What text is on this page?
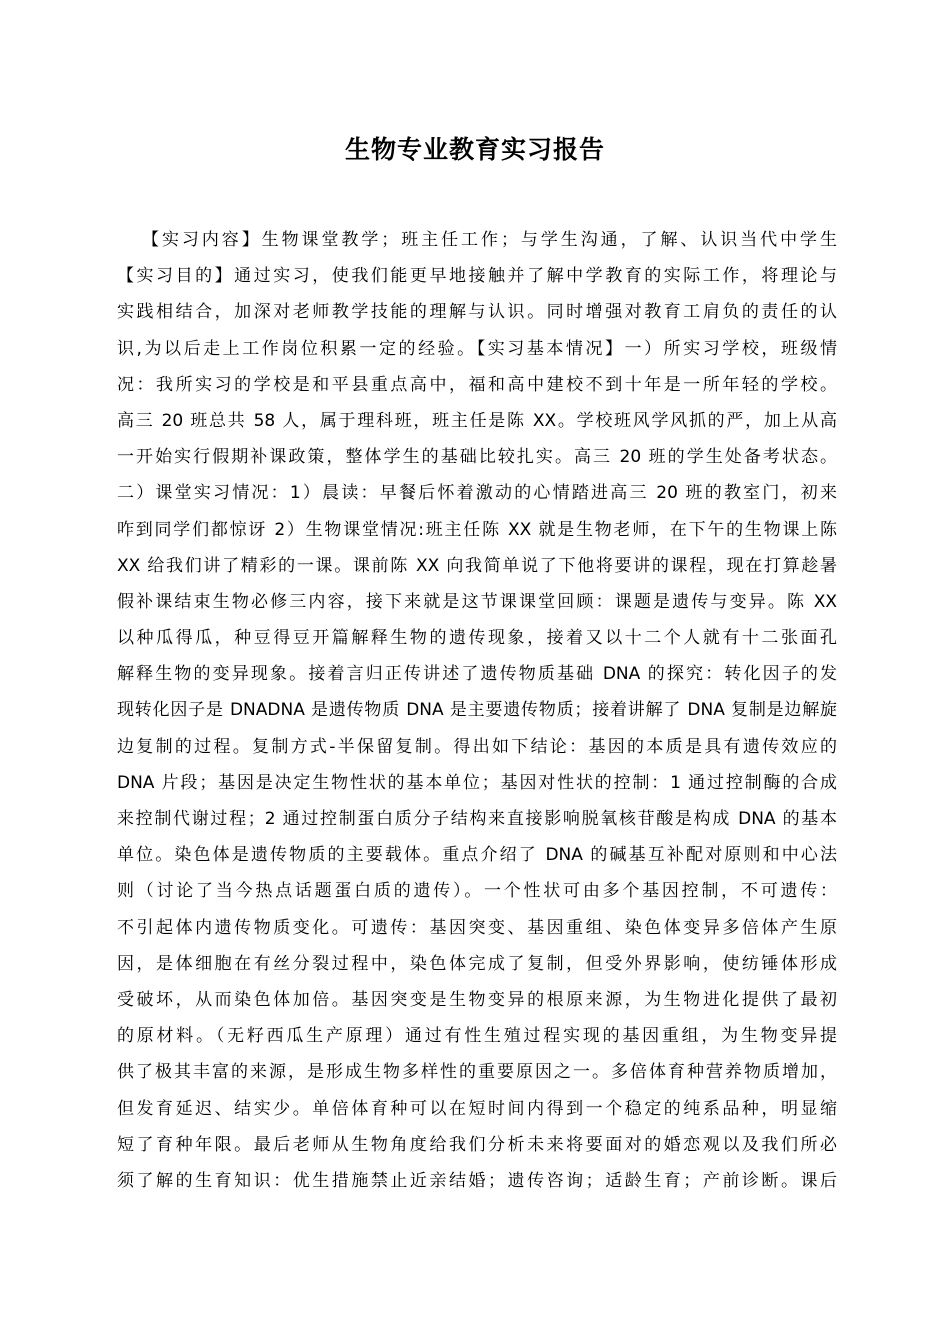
生物专业教育实习报告
【实习内容】生物课堂教学；班主任工作；与学生沟通，了解、认识当代中学生
【实习目的】通过实习，使我们能更早地接触并了解中学教育的实际工作，将理论与
实践相结合，加深对老师教学技能的理解与认识。同时增强对教育工肩负的责任的认
识,为以后走上工作岗位积累一定的经验。【实习基本情况】一）所实习学校，班级情
况：我所实习的学校是和平县重点高中，福和高中建校不到十年是一所年轻的学校。
高三 20 班总共 58 人，属于理科班，班主任是陈 XX。学校班风学风抓的严，加上从高
一开始实行假期补课政策，整体学生的基础比较扎实。高三 20 班的学生处备考状态。
二）课堂实习情况：1）晨读：早餐后怀着激动的心情踏进高三 20 班的教室门，初来
咋到同学们都惊讶 2）生物课堂情况:班主任陈 XX 就是生物老师，在下午的生物课上陈
XX 给我们讲了精彩的一课。课前陈 XX 向我简单说了下他将要讲的课程，现在打算趁暑
假补课结束生物必修三内容，接下来就是这节课课堂回顾：课题是遗传与变异。陈 XX
以种瓜得瓜，种豆得豆开篇解释生物的遗传现象，接着又以十二个人就有十二张面孔
解释生物的变异现象。接着言归正传讲述了遗传物质基础 DNA 的探究：转化因子的发
现转化因子是 DNADNA 是遗传物质 DNA 是主要遗传物质；接着讲解了 DNA 复制是边解旋
边复制的过程。复制方式-半保留复制。得出如下结论：基因的本质是具有遗传效应的
DNA 片段；基因是决定生物性状的基本单位；基因对性状的控制：1 通过控制酶的合成
来控制代谢过程；2 通过控制蛋白质分子结构来直接影响脱氧核苷酸是构成 DNA 的基本
单位。染色体是遗传物质的主要载体。重点介绍了 DNA 的碱基互补配对原则和中心法
则（讨论了当今热点话题蛋白质的遗传）。一个性状可由多个基因控制，不可遗传：
不引起体内遗传物质变化。可遗传：基因突变、基因重组、染色体变异多倍体产生原
因，是体细胞在有丝分裂过程中，染色体完成了复制，但受外界影响，使纺锤体形成
受破坏，从而染色体加倍。基因突变是生物变异的根原来源，为生物进化提供了最初
的原材料。（无籽西瓜生产原理）通过有性生殖过程实现的基因重组，为生物变异提
供了极其丰富的来源，是形成生物多样性的重要原因之一。多倍体育种营养物质增加，
但发育延迟、结实少。单倍体育种可以在短时间内得到一个稳定的纯系品种，明显缩
短了育种年限。最后老师从生物角度给我们分析未来将要面对的婚恋观以及我们所必
须了解的生育知识：优生措施禁止近亲结婚；遗传咨询；适龄生育；产前诊断。课后
